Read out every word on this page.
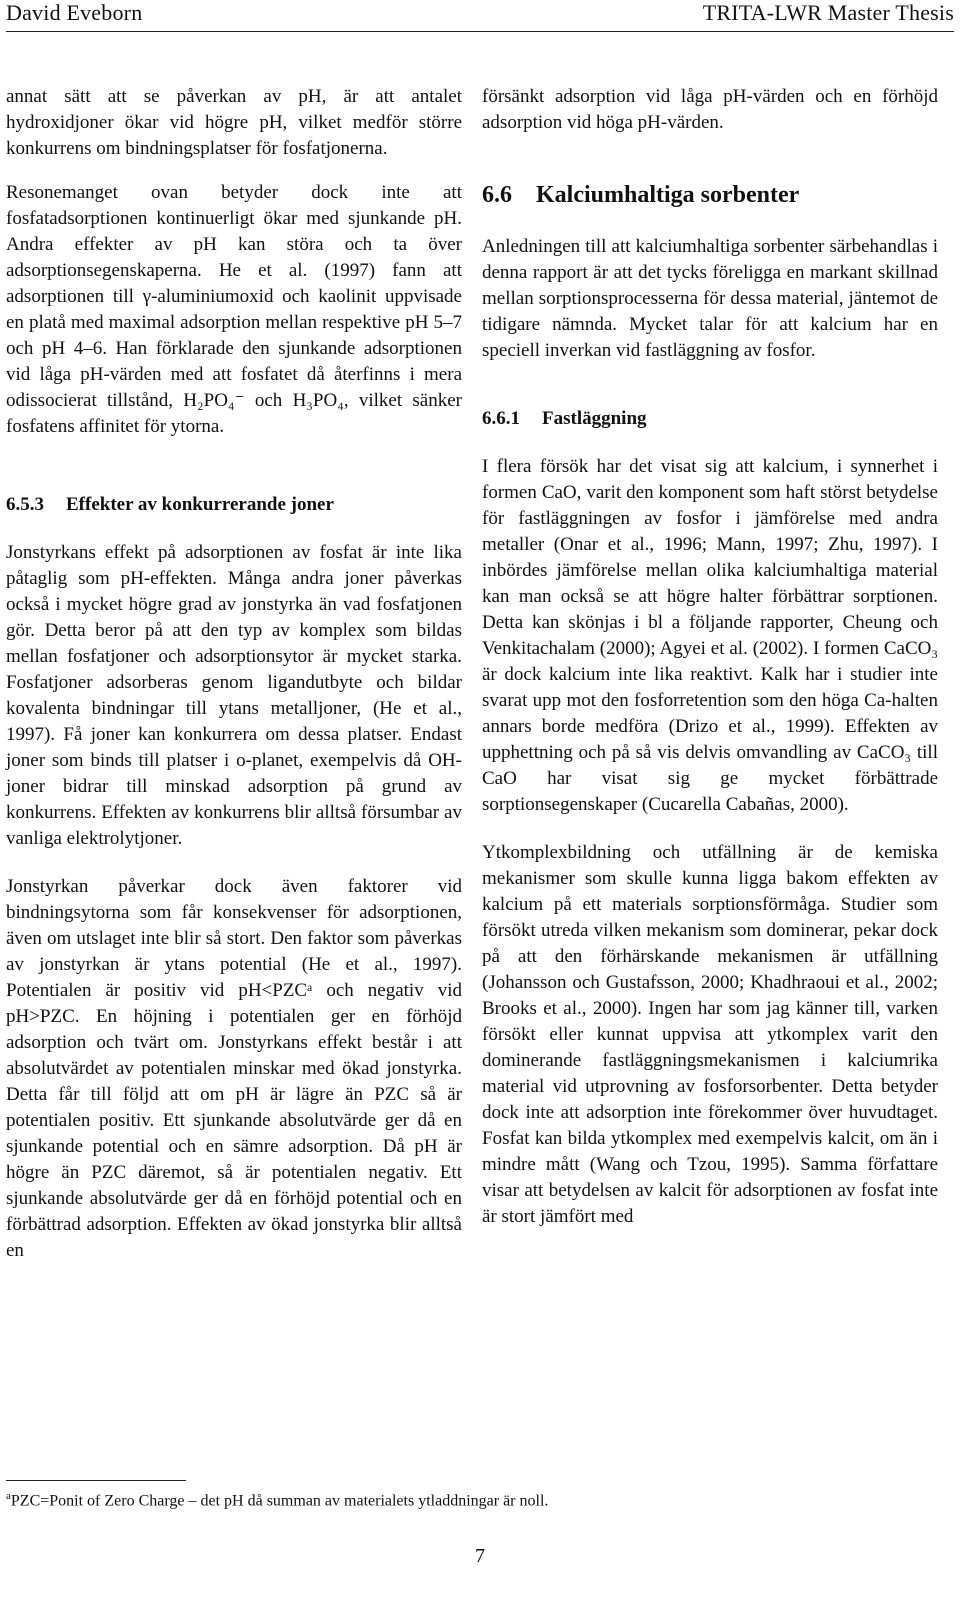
David Eveborn	TRITA-LWR Master Thesis

annat sätt att se påverkan av pH, är att antalet hydroxidjoner ökar vid högre pH, vilket medför större konkurrens om bindningsplatser för fosfatjonerna.

Resonemanget ovan betyder dock inte att fosfatadsorptionen kontinuerligt ökar med sjunkande pH. Andra effekter av pH kan störa och ta över adsorptionsegenskaperna. He et al. (1997) fann att adsorptionen till γ-aluminiumoxid och kaolinit uppvisade en platå med maximal adsorption mellan respektive pH 5–7 och pH 4–6. Han förklarade den sjunkande adsorptionen vid låga pH-värden med att fosfatet då återfinns i mera odissocierat tillstånd, H₂PO₄⁻ och H₃PO₄, vilket sänker fosfatens affinitet för ytorna.

6.5.3 Effekter av konkurrerande joner

Jonstyrkans effekt på adsorptionen av fosfat är inte lika påtaglig som pH-effekten. Många andra joner påverkas också i mycket högre grad av jonstyrka än vad fosfatjonen gör. Detta beror på att den typ av komplex som bildas mellan fosfatjoner och adsorptionsytor är mycket starka. Fosfatjoner adsorberas genom ligandutbyte och bildar kovalenta bindningar till ytans metalljoner, (He et al., 1997). Få joner kan konkurrera om dessa platser. Endast joner som binds till platser i o-planet, exempelvis då OH-joner bidrar till minskad adsorption på grund av konkurrens. Effekten av konkurrens blir alltså försumbar av vanliga elektrolytjoner.

Jonstyrkan påverkar dock även faktorer vid bindningsytorna som får konsekvenser för adsorptionen, även om utslaget inte blir så stort. Den faktor som påverkas av jonstyrkan är ytans potential (He et al., 1997). Potentialen är positiv vid pH<PZCᵃ och negativ vid pH>PZC. En höjning i potentialen ger en förhöjd adsorption och tvärt om. Jonstyrkans effekt består i att absolutvärdet av potentialen minskar med ökad jonstyrka. Detta får till följd att om pH är lägre än PZC så är potentialen positiv. Ett sjunkande absolutvärde ger då en sjunkande potential och en sämre adsorption. Då pH är högre än PZC däremot, så är potentialen negativ. Ett sjunkande absolutvärde ger då en förhöjd potential och en förbättrad adsorption. Effekten av ökad jonstyrka blir alltså en

försänkt adsorption vid låga pH-värden och en förhöjd adsorption vid höga pH-värden.

6.6 Kalciumhaltiga sorbenter

Anledningen till att kalciumhaltiga sorbenter särbehandlas i denna rapport är att det tycks föreligga en markant skillnad mellan sorptionsprocesserna för dessa material, jäntemot de tidigare nämnda. Mycket talar för att kalcium har en speciell inverkan vid fastläggning av fosfor.

6.6.1 Fastläggning

I flera försök har det visat sig att kalcium, i synnerhet i formen CaO, varit den komponent som haft störst betydelse för fastläggningen av fosfor i jämförelse med andra metaller (Onar et al., 1996; Mann, 1997; Zhu, 1997). I inbördes jämförelse mellan olika kalciumhaltiga material kan man också se att högre halter förbättrar sorptionen. Detta kan skönjas i bl a följande rapporter, Cheung och Venkitachalam (2000); Agyei et al. (2002). I formen CaCO₃ är dock kalcium inte lika reaktivt. Kalk har i studier inte svarat upp mot den fosforretention som den höga Ca-halten annars borde medföra (Drizo et al., 1999). Effekten av upphettning och på så vis delvis omvandling av CaCO₃ till CaO har visat sig ge mycket förbättrade sorptionsegenskaper (Cucarella Cabañas, 2000).

Ytkomplexbildning och utfällning är de kemiska mekanismer som skulle kunna ligga bakom effekten av kalcium på ett materials sorptionsförmåga. Studier som försökt utreda vilken mekanism som dominerar, pekar dock på att den förhärskande mekanismen är utfällning (Johansson och Gustafsson, 2000; Khadhraoui et al., 2002; Brooks et al., 2000). Ingen har som jag känner till, varken försökt eller kunnat uppvisa att ytkomplex varit den dominerande fastläggningsmekanismen i kalciumrika material vid utprovning av fosforsorbenter. Detta betyder dock inte att adsorption inte förekommer över huvudtaget. Fosfat kan bilda ytkomplex med exempelvis kalcit, om än i mindre mått (Wang och Tzou, 1995). Samma författare visar att betydelsen av kalcit för adsorptionen av fosfat inte är stort jämfört med

$^a$PZC=Ponit of Zero Charge – det pH då summan av materialets ytladdningar är noll.
7
